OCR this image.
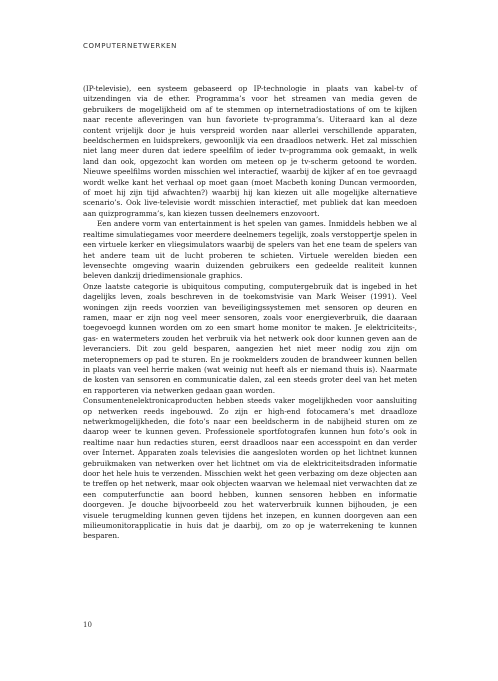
COMPUTERNETWERKEN

(IP-televisie), een systeem gebaseerd op IP-technologie in plaats van kabel-tv of uitzendingen via de ether. Programma’s voor het streamen van media geven de gebruikers de mogelijkheid om af te stemmen op internetradiostations of om te kijken naar recente afleveringen van hun favoriete tv-programma’s. Uiteraard kan al deze content vrijelijk door je huis verspreid worden naar allerlei verschillende apparaten, beeldschermen en luidsprekers, gewoonlijk via een draadloos netwerk. Het zal misschien niet lang meer duren dat iedere speelfilm of ieder tv-programma ook gemaakt, in welk land dan ook, opgezocht kan worden om meteen op je tv-scherm getoond te worden. Nieuwe speelfilms worden misschien wel interactief, waarbij de kijker af en toe gevraagd wordt welke kant het verhaal op moet gaan (moet Macbeth koning Duncan vermoorden, of moet hij zijn tijd afwachten?) waarbij hij kan kiezen uit alle mogelijke alternatieve scenario’s. Ook live-televisie wordt misschien interactief, met publiek dat kan meedoen aan quizprogramma’s, kan kiezen tussen deelnemers enzovoort.

Een andere vorm van entertainment is het spelen van games. Inmiddels hebben we al realtime simulatiegames voor meerdere deelnemers tegelijk, zoals verstoppertje spelen in een virtuele kerker en vliegsimulators waarbij de spelers van het ene team de spelers van het andere team uit de lucht proberen te schieten. Virtuele werelden bieden een levensechte omgeving waarin duizenden gebruikers een gedeelde realiteit kunnen beleven dankzij driedimensionale graphics.

Onze laatste categorie is ubiquitous computing, computergebruik dat is ingebed in het dagelijks leven, zoals beschreven in de toekomstvisie van Mark Weiser (1991). Veel woningen zijn reeds voorzien van beveiligingssystemen met sensoren op deuren en ramen, maar er zijn nog veel meer sensoren, zoals voor energieverbruik, die daaraan toegevoegd kunnen worden om zo een smart home monitor te maken. Je elektriciteits-, gas- en watermeters zouden het verbruik via het netwerk ook door kunnen geven aan de leveranciers. Dit zou geld besparen, aangezien het niet meer nodig zou zijn om meteropnemers op pad te sturen. En je rookmelders zouden de brandweer kunnen bellen in plaats van veel herrie maken (wat weinig nut heeft als er niemand thuis is). Naarmate de kosten van sensoren en communicatie dalen, zal een steeds groter deel van het meten en rapporteren via netwerken gedaan gaan worden.

Consumentenelektronicaproducten hebben steeds vaker mogelijkheden voor aansluiting op netwerken reeds ingebouwd. Zo zijn er high-end fotocamera’s met draadloze netwerkmogelijkheden, die foto’s naar een beeldscherm in de nabijheid sturen om ze daarop weer te kunnen geven. Professionele sportfotografen kunnen hun foto’s ook in realtime naar hun redacties sturen, eerst draadloos naar een accesspoint en dan verder over Internet. Apparaten zoals televisies die aangesloten worden op het lichtnet kunnen gebruikmaken van netwerken over het lichtnet om via de elektriciteitsdraden informatie door het hele huis te verzenden. Misschien wekt het geen verbazing om deze objecten aan te treffen op het netwerk, maar ook objecten waarvan we helemaal niet verwachten dat ze een computerfunctie aan boord hebben, kunnen sensoren hebben en informatie doorgeven. Je douche bijvoorbeeld zou het waterverbruik kunnen bijhouden, je een visuele terugmelding kunnen geven tijdens het inzepen, en kunnen doorgeven aan een milieumonitorapplicatie in huis dat je daarbij, om zo op je waterrekening te kunnen besparen.

10
